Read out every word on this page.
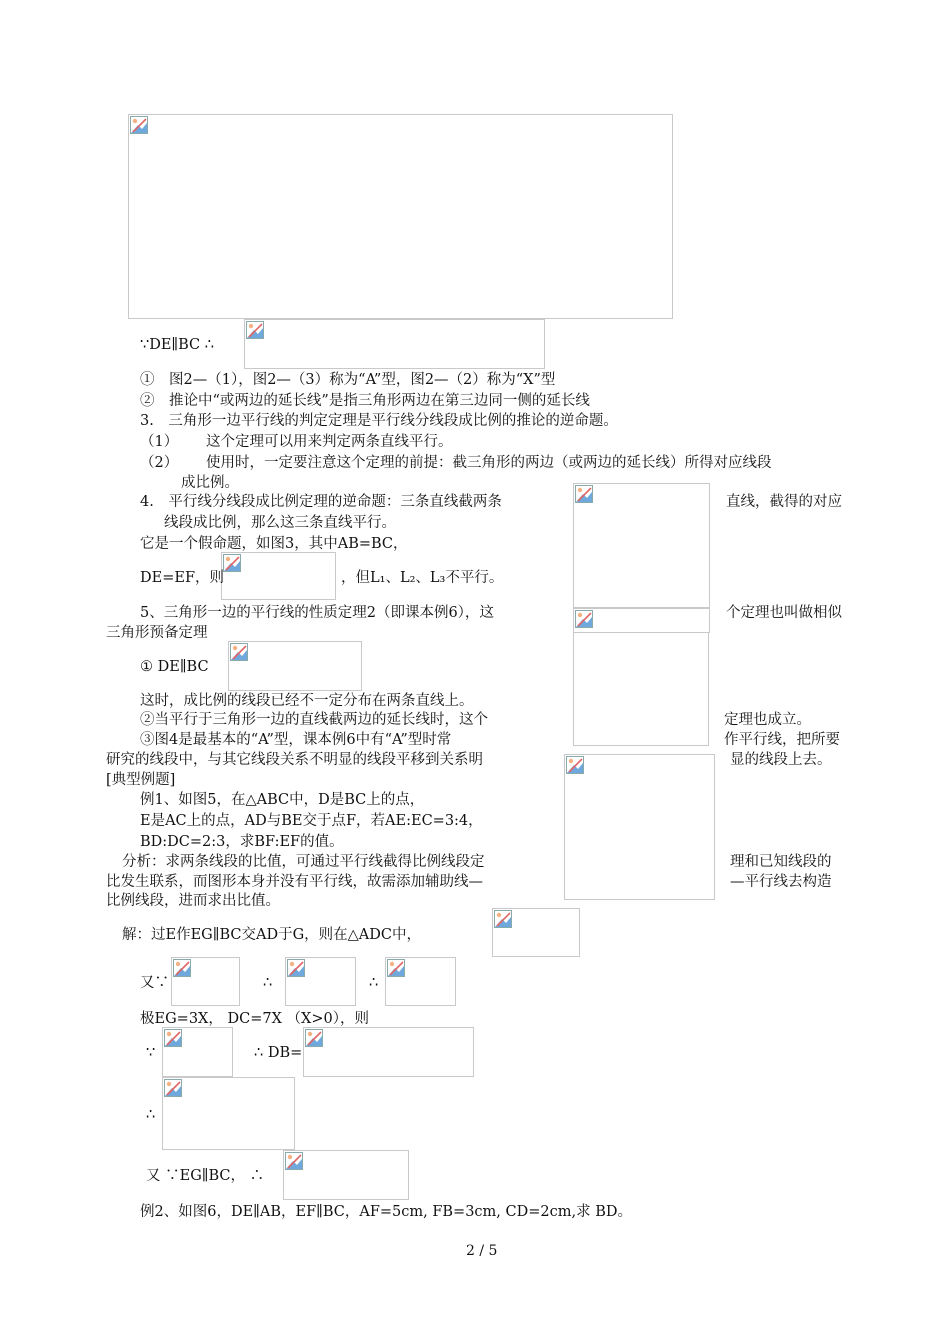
∵DE∥BC ∴
①　图2—（1），图2—（3）称为“A”型，图2—（2）称为“X”型
②　推论中“或两边的延长线”是指三角形两边在第三边同一侧的延长线
3.　三角形一边平行线的判定定理是平行线分线段成比例的推论的逆命题。
（1） 这个定理可以用来判定两条直线平行。
（2） 使用时，一定要注意这个定理的前提：截三角形的两边（或两边的延长线）所得对应线段
成比例。
4.　平行线分线段成比例定理的逆命题：三条直线截两条	直线，截得的对应
线段成比例，那么这三条直线平行。
它是一个假命题，如图3，其中AB=BC，
DE=EF，则	，但L₁、L₂、L₃不平行。
5、三角形一边的平行线的性质定理2（即课本例6），这	个定理也叫做相似
三角形预备定理
① DE∥BC
这时，成比例的线段已经不一定分布在两条直线上。
②当平行于三角形一边的直线截两边的延长线时，这个	定理也成立。
③图4是最基本的“A”型，课本例6中有“A”型时常	作平行线，把所要
研究的线段中，与其它线段关系不明显的线段平移到关系明	显的线段上去。
[典型例题]
例1、如图5，在△ABC中，D是BC上的点，
E是AC上的点，AD与BE交于点F，若AE:EC=3:4，
BD:DC=2:3，求BF:EF的值。
分析：求两条线段的比值，可通过平行线截得比例线段定	理和已知线段的
比发生联系，而图形本身并没有平行线，故需添加辅助线—	—平行线去构造
比例线段，进而求出比值。
解：过E作EG∥BC交AD于G，则在△ADC中，
又∵	∴	∴
极EG=3X， DC=7X （X>0），则
∵	∴ DB=
∴
又 ∵EG∥BC， ∴
例2、如图6，DE∥AB，EF∥BC，AF=5cm, FB=3cm, CD=2cm,求 BD。
2 / 5
